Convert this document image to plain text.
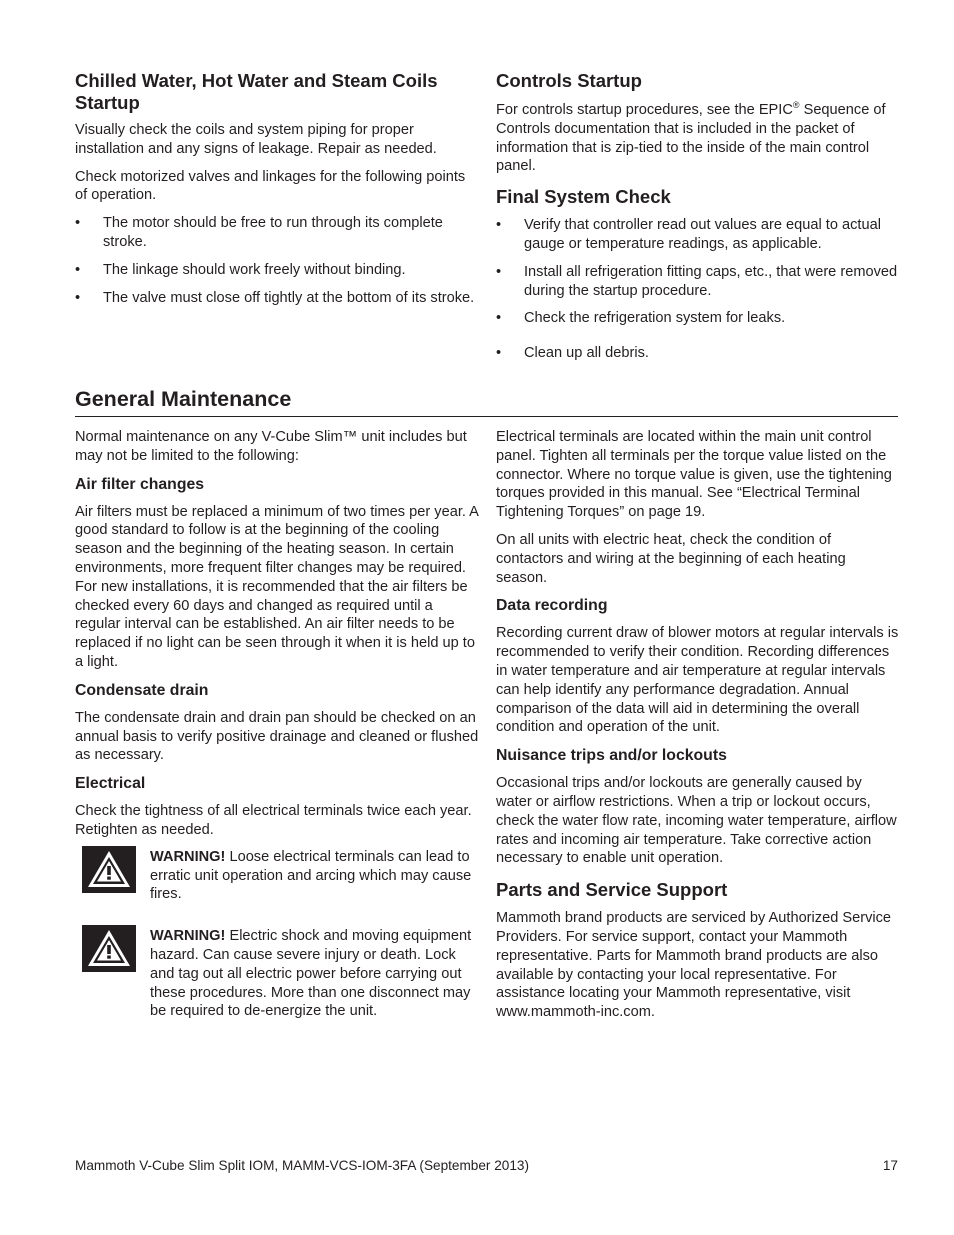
Chilled Water, Hot Water and Steam Coils Startup

Visually check the coils and system piping for proper installation and any signs of leakage. Repair as needed.

Check motorized valves and linkages for the following points of operation.

• The motor should be free to run through its complete stroke.
• The linkage should work freely without binding.
• The valve must close off tightly at the bottom of its stroke.
Controls Startup

For controls startup procedures, see the EPIC® Sequence of Controls documentation that is included in the packet of information that is zip-tied to the inside of the main control panel.

Final System Check
• Verify that controller read out values are equal to actual gauge or temperature readings, as applicable.
• Install all refrigeration fitting caps, etc., that were removed during the startup procedure.
• Check the refrigeration system for leaks.
• Clean up all debris.
General Maintenance

Normal maintenance on any V-Cube Slim™ unit includes but may not be limited to the following:

Air filter changes

Air filters must be replaced a minimum of two times per year. A good standard to follow is at the beginning of the cooling season and the beginning of the heating season. In certain environments, more frequent filter changes may be required. For new installations, it is recommended that the air filters be checked every 60 days and changed as required until a regular interval can be established. An air filter needs to be replaced if no light can be seen through it when it is held up to a light.

Condensate drain

The condensate drain and drain pan should be checked on an annual basis to verify positive drainage and cleaned or flushed as necessary.

Electrical

Check the tightness of all electrical terminals twice each year. Retighten as needed.

WARNING! Loose electrical terminals can lead to erratic unit operation and arcing which may cause fires.

WARNING! Electric shock and moving equipment hazard. Can cause severe injury or death. Lock and tag out all electric power before carrying out these procedures. More than one disconnect may be required to de-energize the unit.

Electrical terminals are located within the main unit control panel. Tighten all terminals per the torque value listed on the connector. Where no torque value is given, use the tightening torques provided in this manual. See “Electrical Terminal Tightening Torques” on page 19.

On all units with electric heat, check the condition of contactors and wiring at the beginning of each heating season.

Data recording

Recording current draw of blower motors at regular intervals is recommended to verify their condition. Recording differences in water temperature and air temperature at regular intervals can help identify any performance degradation. Annual comparison of the data will aid in determining the overall condition and operation of the unit.

Nuisance trips and/or lockouts

Occasional trips and/or lockouts are generally caused by water or airflow restrictions. When a trip or lockout occurs, check the water flow rate, incoming water temperature, airflow rates and incoming air temperature. Take corrective action necessary to enable unit operation.

Parts and Service Support

Mammoth brand products are serviced by Authorized Service Providers. For service support, contact your Mammoth representative. Parts for Mammoth brand products are also available by contacting your local representative. For assistance locating your Mammoth representative, visit www.mammoth-inc.com.

Mammoth V-Cube Slim Split IOM, MAMM-VCS-IOM-3FA (September 2013)	17
